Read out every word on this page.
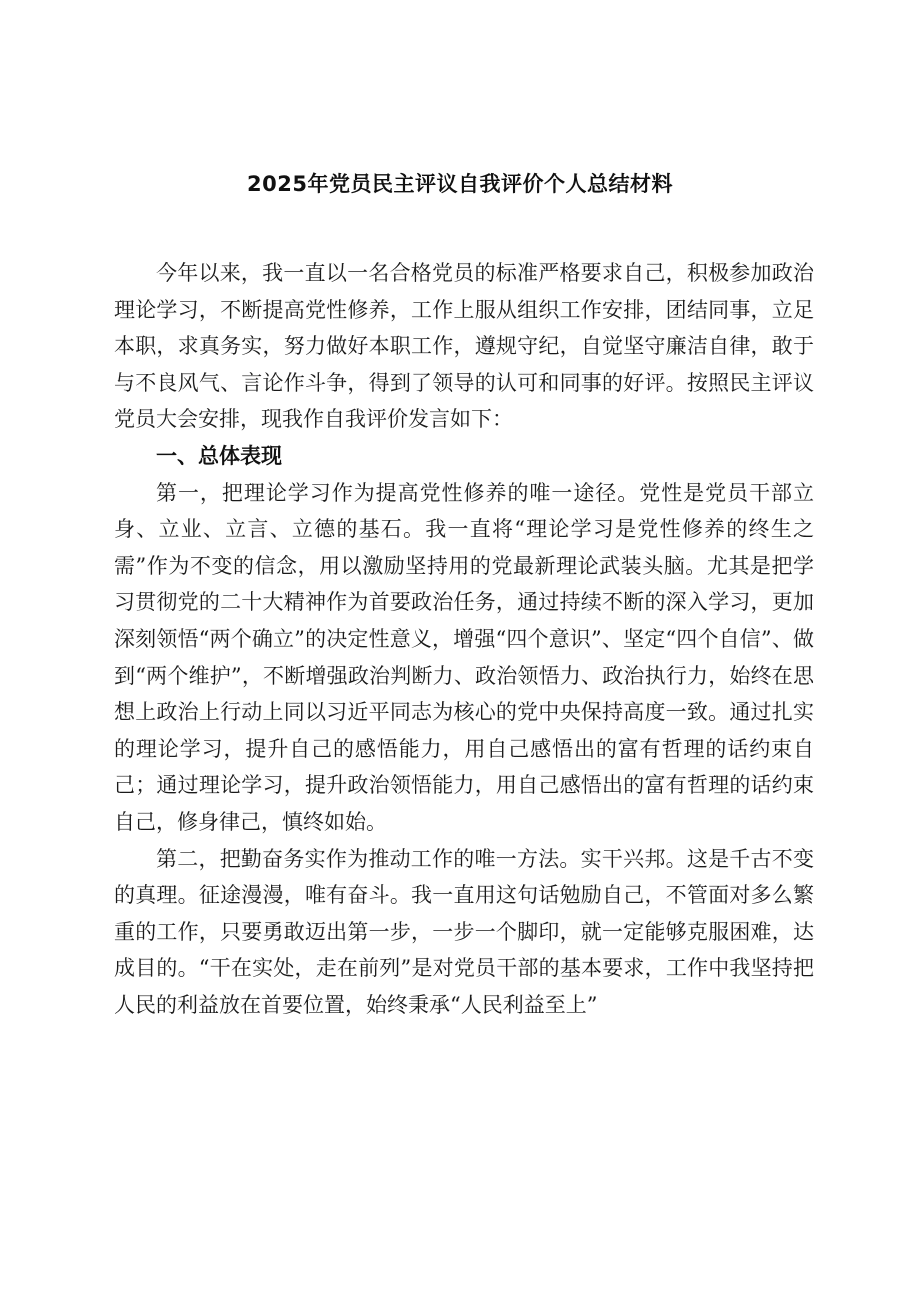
2025年党员民主评议自我评价个人总结材料

今年以来，我一直以一名合格党员的标准严格要求自己，积极参加政治理论学习，不断提高党性修养，工作上服从组织工作安排，团结同事，立足本职，求真务实，努力做好本职工作，遵规守纪，自觉坚守廉洁自律，敢于与不良风气、言论作斗争，得到了领导的认可和同事的好评。按照民主评议党员大会安排，现我作自我评价发言如下：

一、总体表现

第一，把理论学习作为提高党性修养的唯一途径。党性是党员干部立身、立业、立言、立德的基石。我一直将“理论学习是党性修养的终生之需”作为不变的信念，用以激励坚持用的党最新理论武装头脑。尤其是把学习贯彻党的二十大精神作为首要政治任务，通过持续不断的深入学习，更加深刻领悟“两个确立”的决定性意义，增强“四个意识”、坚定“四个自信”、做到“两个维护”，不断增强政治判断力、政治领悟力、政治执行力，始终在思想上政治上行动上同以习近平同志为核心的党中央保持高度一致。通过扎实的理论学习，提升自己的感悟能力，用自己感悟出的富有哲理的话约束自己；通过理论学习，提升政治领悟能力，用自己感悟出的富有哲理的话约束自己，修身律己，慎终如始。

第二，把勤奋务实作为推动工作的唯一方法。实干兴邦。这是千古不变的真理。征途漫漫，唯有奋斗。我一直用这句话勉励自己，不管面对多么繁重的工作，只要勇敢迈出第一步，一步一个脚印，就一定能够克服困难，达成目的。“干在实处，走在前列”是对党员干部的基本要求，工作中我坚持把人民的利益放在首要位置，始终秉承“人民利益至上”
